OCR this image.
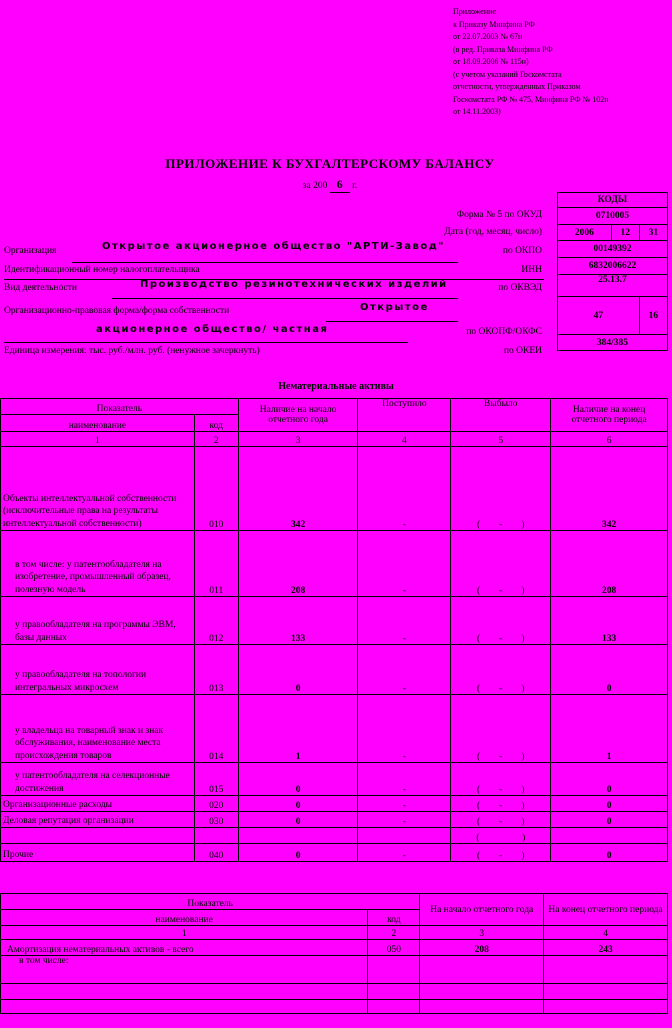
Приложение
к Приказу Минфина РФ
от 22.07.2003 № 67н
(в ред. Приказа Минфина РФ
от 18.09.2006 № 115н)
(с учетом указаний Госкомстата
отчетности, утвержденных Приказом
Госкомстата РФ № 475, Минфина РФ № 102н
от 14.11.2003)
ПРИЛОЖЕНИЕ К БУХГАЛТЕРСКОМУ БАЛАНСУ
за 200 6 г.
КОДЫ		
0710005		
2006	12	31
00149392		
6832006622		
25.13.7		
47		16
384/385		
Форма № 5 по ОКУД
Дата (год, месяц, число)
Организация	Открытое акционерное общество "АРТИ-Завод"	по ОКПО
Идентификационный номер налогоплательщика	ИНН
Вид деятельности	Производство резинотехнических изделий	по ОКВЭД
Организационно-правовая форма/форма собственности	Открытое
акционерное общество/ частная	по ОКОПФ/ОКФС
Единица измерения: тыс. руб./млн. руб. (ненужное зачеркнуть)	по ОКЕИ
Нематериальные активы
Показатель		Наличие на начало отчетного года	Поступило	Выбыло	Наличие на конец отчетного периода
наименование	код				
1	2	3	4	5	6
Объекты интеллектуальной собственности (исключительные права на результаты интеллектуальной собственности)	010	342	-	(        -        )	342
в том числе: у патентообладателя на изобретение, промышленный образец, полезную модель	011	208	-	(        -        )	208
у правообладателя на программы ЭВМ, базы данных	012	133	-	(        -        )	133
у правообладателя на топологии интегральных микросхем	013	0	-	(        -        )	0
у владельца на товарный знак и знак обслуживания, наименование места происхождения товаров	014	1	-	(        -        )	1
у патентообладателя на селекционные достижения	015	0	-	(        -        )	0
Организационные расходы	020	0	-	(        -        )	0
Деловая репутация организации	030	0	-	(        -        )	0
				(                  )	
Прочие	040	0	-	(        -        )	0
Показатель		На начало отчетного года	На конец отчетного периода
наименование	код		
1	2	3	4
Амортизация нематериальных активов - всего	050	208	243
в том числе:			
